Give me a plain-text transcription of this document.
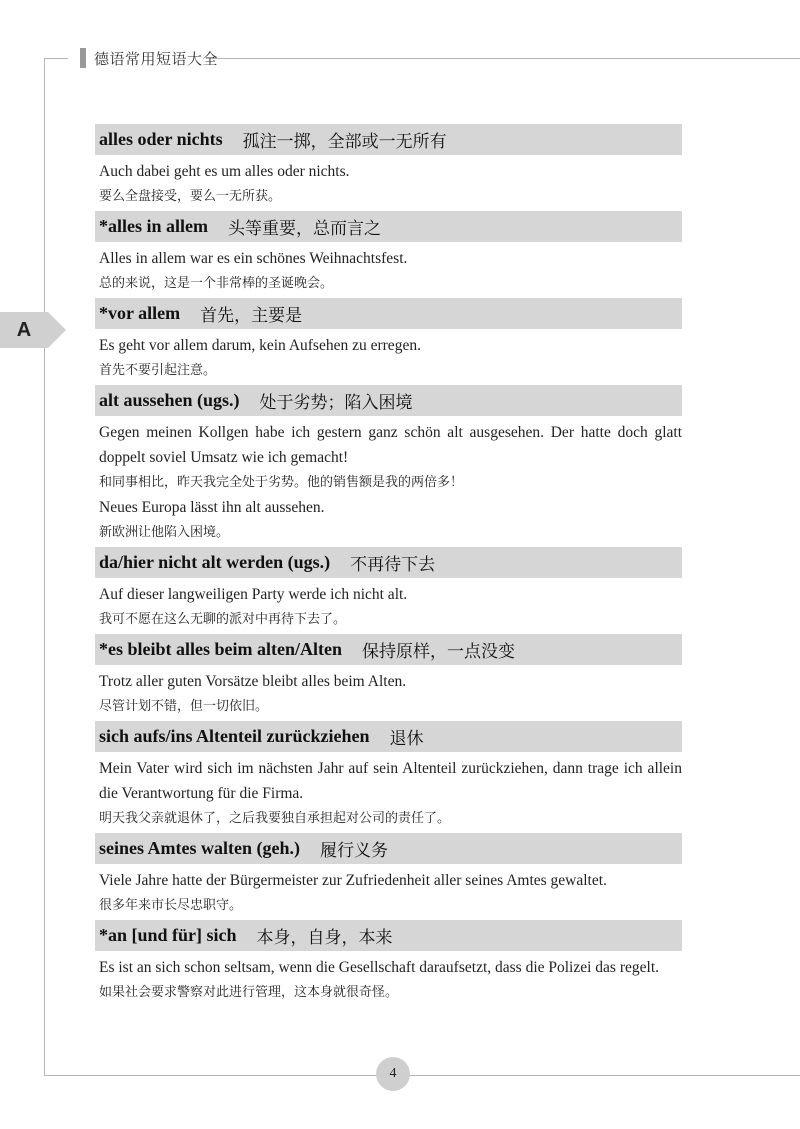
德语常用短语大全
A
alles oder nichts 孤注一掷，全部或一无所有
Auch dabei geht es um alles oder nichts.
要么全盘接受，要么一无所获。
*alles in allem 头等重要，总而言之
Alles in allem war es ein schönes Weihnachtsfest.
总的来说，这是一个非常棒的圣诞晚会。
*vor allem 首先，主要是
Es geht vor allem darum, kein Aufsehen zu erregen.
首先不要引起注意。
alt aussehen (ugs.) 处于劣势；陷入困境
Gegen meinen Kollgen habe ich gestern ganz schön alt ausgesehen. Der hatte doch glatt doppelt soviel Umsatz wie ich gemacht!
和同事相比，昨天我完全处于劣势。他的销售额是我的两倍多！
Neues Europa lässt ihn alt aussehen.
新欧洲让他陷入困境。
da/hier nicht alt werden (ugs.) 不再待下去
Auf dieser langweiligen Party werde ich nicht alt.
我可不愿在这么无聊的派对中再待下去了。
*es bleibt alles beim alten/Alten 保持原样，一点没变
Trotz aller guten Vorsätze bleibt alles beim Alten.
尽管计划不错，但一切依旧。
sich aufs/ins Altenteil zurückziehen 退休
Mein Vater wird sich im nächsten Jahr auf sein Altenteil zurückziehen, dann trage ich allein die Verantwortung für die Firma.
明天我父亲就退休了，之后我要独自承担起对公司的责任了。
seines Amtes walten (geh.) 履行义务
Viele Jahre hatte der Bürgermeister zur Zufriedenheit aller seines Amtes gewaltet.
很多年来市长尽忠职守。
*an [und für] sich 本身，自身，本来
Es ist an sich schon seltsam, wenn die Gesellschaft daraufsetzt, dass die Polizei das regelt.
如果社会要求警察对此进行管理，这本身就很奇怪。
4
